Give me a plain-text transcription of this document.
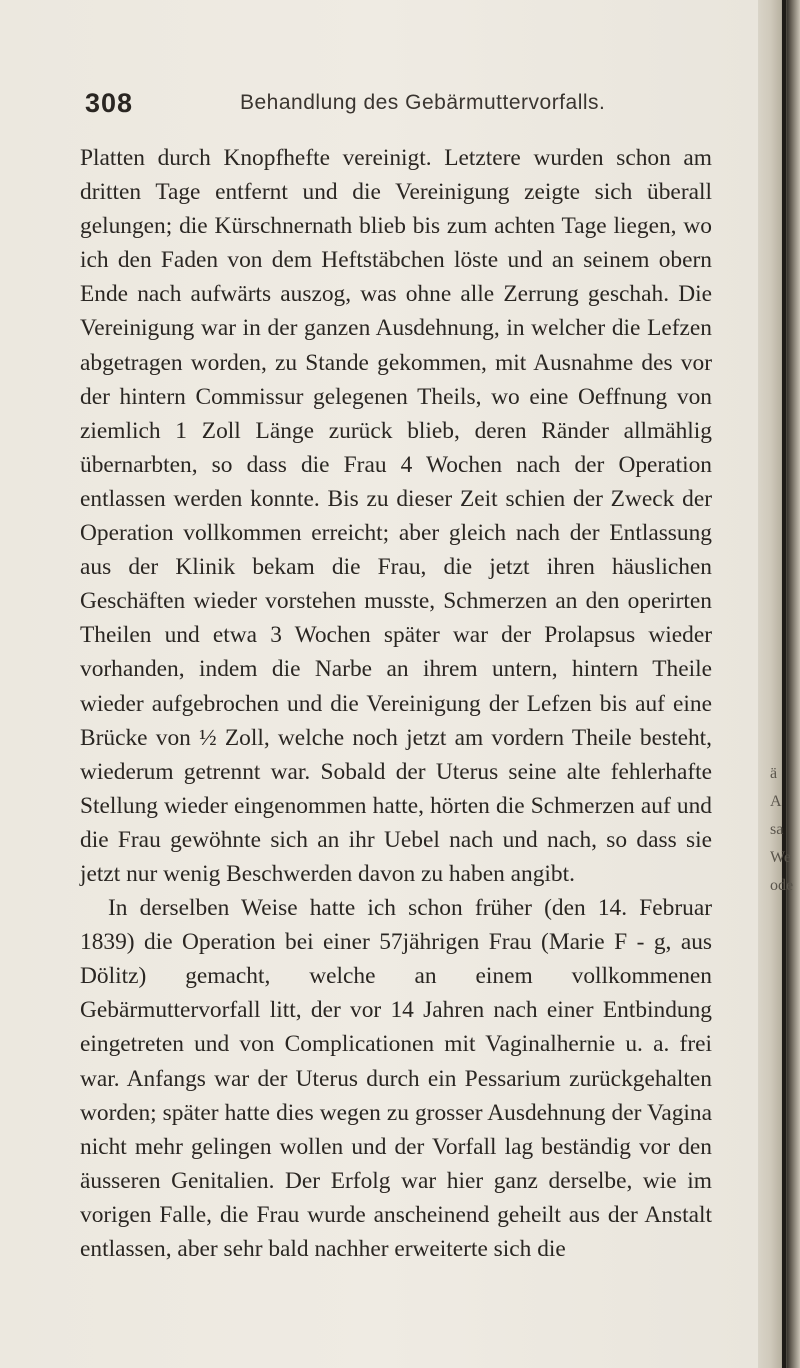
308	Behandlung des Gebärmuttervorfalls.

Platten durch Knopfhefte vereinigt. Letztere wurden schon am dritten Tage entfernt und die Vereinigung zeigte sich überall gelungen; die Kürschnernath blieb bis zum achten Tage liegen, wo ich den Faden von dem Heftstäbchen löste und an seinem obern Ende nach aufwärts auszog, was ohne alle Zerrung geschah. Die Vereinigung war in der ganzen Ausdehnung, in welcher die Lefzen abgetragen worden, zu Stande gekommen, mit Ausnahme des vor der hintern Commissur gelegenen Theils, wo eine Oeffnung von ziemlich 1 Zoll Länge zurück blieb, deren Ränder allmählig übernarbten, so dass die Frau 4 Wochen nach der Operation entlassen werden konnte. Bis zu dieser Zeit schien der Zweck der Operation vollkommen erreicht; aber gleich nach der Entlassung aus der Klinik bekam die Frau, die jetzt ihren häuslichen Geschäften wieder vorstehen musste, Schmerzen an den operirten Theilen und etwa 3 Wochen später war der Prolapsus wieder vorhanden, indem die Narbe an ihrem untern, hintern Theile wieder aufgebrochen und die Vereinigung der Lefzen bis auf eine Brücke von ½ Zoll, welche noch jetzt am vordern Theile besteht, wiederum getrennt war. Sobald der Uterus seine alte fehlerhafte Stellung wieder eingenommen hatte, hörten die Schmerzen auf und die Frau gewöhnte sich an ihr Uebel nach und nach, so dass sie jetzt nur wenig Beschwerden davon zu haben angibt.

In derselben Weise hatte ich schon früher (den 14. Februar 1839) die Operation bei einer 57jährigen Frau (Marie F - g, aus Dölitz) gemacht, welche an einem vollkommenen Gebärmuttervorfall litt, der vor 14 Jahren nach einer Entbindung eingetreten und von Complicationen mit Vaginalhernie u. a. frei war. Anfangs war der Uterus durch ein Pessarium zurückgehalten worden; später hatte dies wegen zu grosser Ausdehnung der Vagina nicht mehr gelingen wollen und der Vorfall lag beständig vor den äusseren Genitalien. Der Erfolg war hier ganz derselbe, wie im vorigen Falle, die Frau wurde anscheinend geheilt aus der Anstalt entlassen, aber sehr bald nachher erweiterte sich die

ä
A
sa
We
ode
